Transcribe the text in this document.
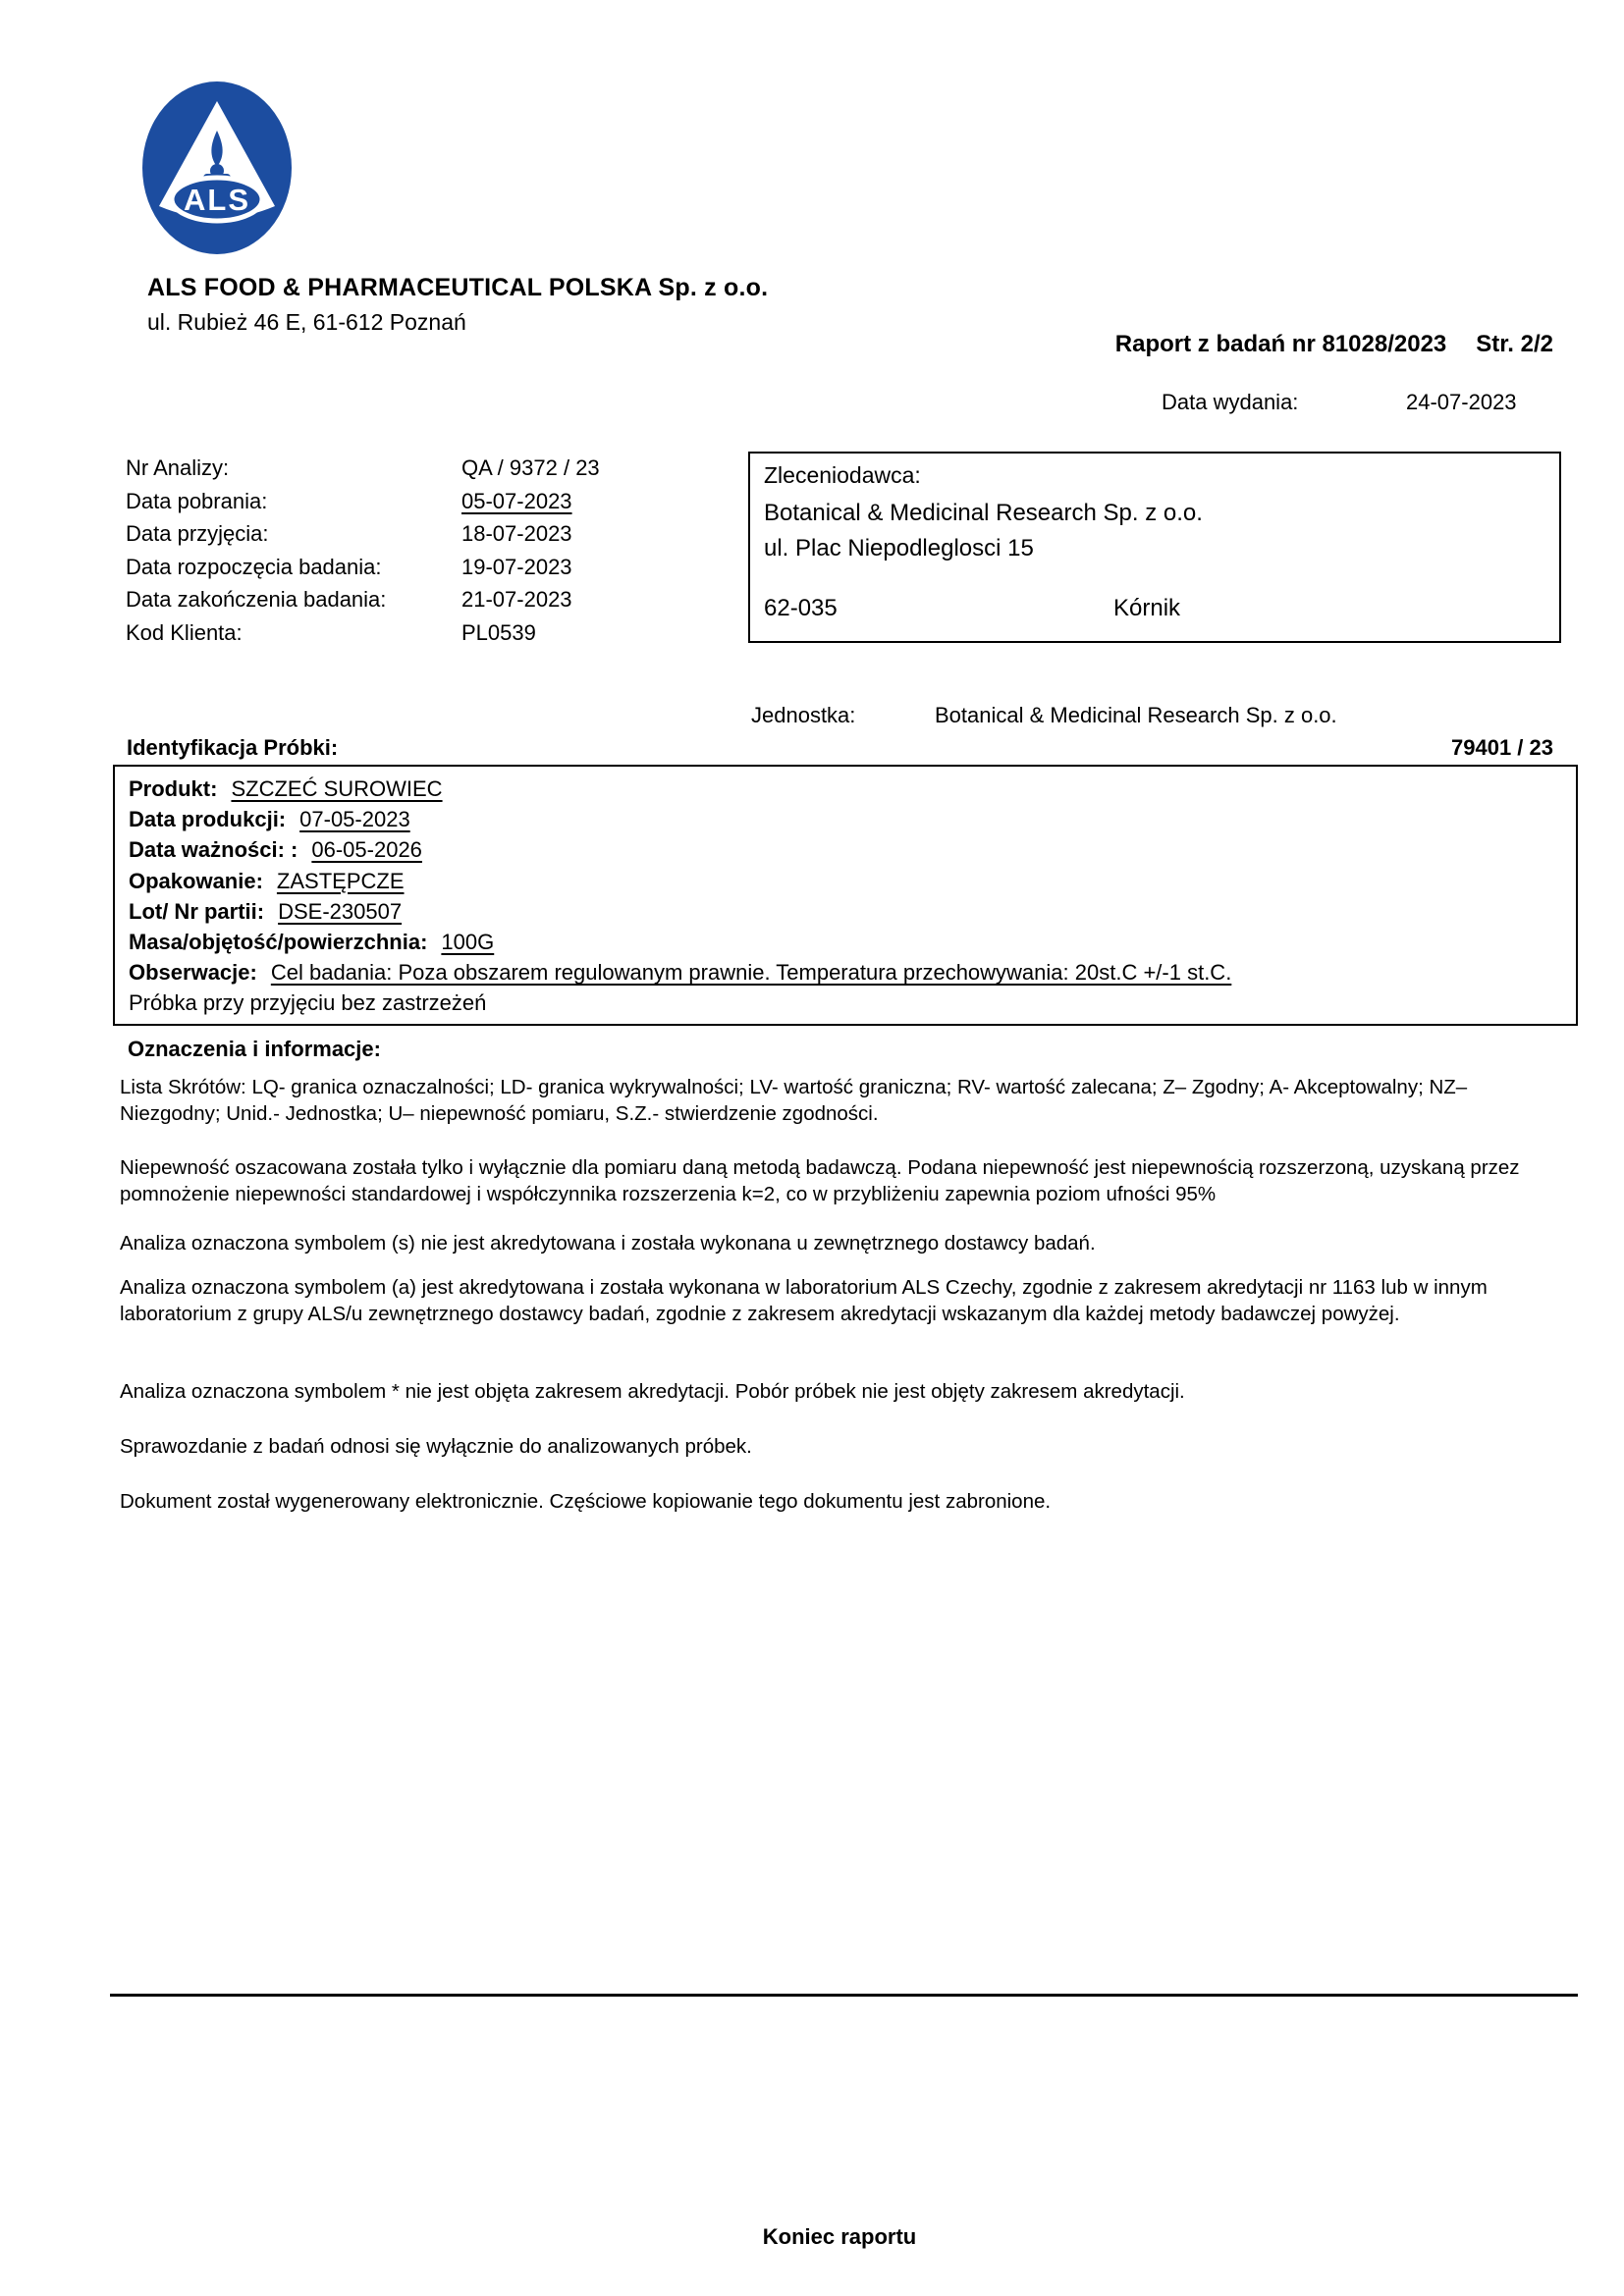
ALS
ALS FOOD & PHARMACEUTICAL POLSKA Sp. z o.o.
ul. Rubież 46 E, 61-612 Poznań
Raport z badań nr 81028/2023 Str. 2/2
Data wydania:	24-07-2023
Nr Analizy:	QA / 9372 / 23
Data pobrania:	05-07-2023
Data przyjęcia:	18-07-2023
Data rozpoczęcia badania:	19-07-2023
Data zakończenia badania:	21-07-2023
Kod Klienta:	PL0539
Zleceniodawca:
Botanical & Medicinal Research Sp. z o.o.
ul. Plac Niepodleglosci 15
62-035	Kórnik
Jednostka:	Botanical & Medicinal Research Sp. z o.o.
Identyfikacja Próbki:	79401 / 23
Produkt: SZCZEĆ SUROWIEC
Data produkcji: 07-05-2023
Data ważności: : 06-05-2026
Opakowanie: ZASTĘPCZE
Lot/ Nr partii: DSE-230507
Masa/objętość/powierzchnia: 100G
Obserwacje: Cel badania: Poza obszarem regulowanym prawnie. Temperatura przechowywania: 20st.C +/-1 st.C.
Próbka przy przyjęciu bez zastrzeżeń
Oznaczenia i informacje:
Lista Skrótów: LQ- granica oznaczalności; LD- granica wykrywalności; LV- wartość graniczna; RV- wartość zalecana; Z– Zgodny; A- Akceptowalny; NZ– Niezgodny; Unid.- Jednostka; U– niepewność pomiaru, S.Z.- stwierdzenie zgodności.
Niepewność oszacowana została tylko i wyłącznie dla pomiaru daną metodą badawczą. Podana niepewność jest niepewnością rozszerzoną, uzyskaną przez pomnożenie niepewności standardowej i współczynnika rozszerzenia k=2, co w przybliżeniu zapewnia poziom ufności 95%
Analiza oznaczona symbolem (s) nie jest akredytowana i została wykonana u zewnętrznego dostawcy badań.
Analiza oznaczona symbolem (a) jest akredytowana i została wykonana w laboratorium ALS Czechy, zgodnie z zakresem akredytacji nr 1163 lub w innym laboratorium z grupy ALS/u zewnętrznego dostawcy badań, zgodnie z zakresem akredytacji wskazanym dla każdej metody badawczej powyżej.
Analiza oznaczona symbolem * nie jest objęta zakresem akredytacji. Pobór próbek nie jest objęty zakresem akredytacji.
Sprawozdanie z badań odnosi się wyłącznie do analizowanych próbek.
Dokument został wygenerowany elektronicznie. Częściowe kopiowanie tego dokumentu jest zabronione.
Koniec raportu
